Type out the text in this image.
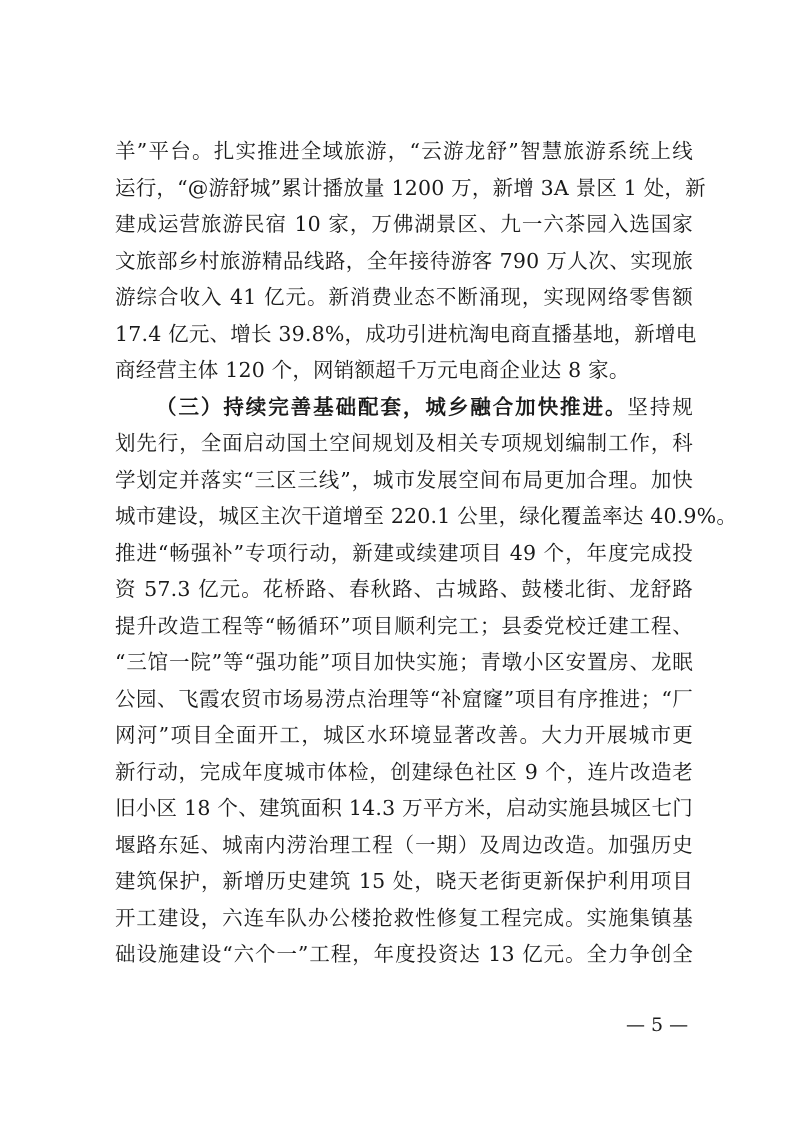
羊”平台。扎实推进全域旅游，“云游龙舒”智慧旅游系统上线
运行，“@游舒城”累计播放量 1200 万，新增 3A 景区 1 处，新
建成运营旅游民宿 10 家，万佛湖景区、九一六茶园入选国家
文旅部乡村旅游精品线路，全年接待游客 790 万人次、实现旅
游综合收入 41 亿元。新消费业态不断涌现，实现网络零售额
17.4 亿元、增长 39.8%，成功引进杭淘电商直播基地，新增电
商经营主体 120 个，网销额超千万元电商企业达 8 家。
（三）持续完善基础配套，城乡融合加快推进。坚持规
划先行，全面启动国土空间规划及相关专项规划编制工作，科
学划定并落实“三区三线”，城市发展空间布局更加合理。加快
城市建设，城区主次干道增至 220.1 公里，绿化覆盖率达 40.9%。
推进“畅强补”专项行动，新建或续建项目 49 个，年度完成投
资 57.3 亿元。花桥路、春秋路、古城路、鼓楼北街、龙舒路
提升改造工程等“畅循环”项目顺利完工；县委党校迁建工程、
“三馆一院”等“强功能”项目加快实施；青墩小区安置房、龙眠
公园、飞霞农贸市场易涝点治理等“补窟窿”项目有序推进；“厂
网河”项目全面开工，城区水环境显著改善。大力开展城市更
新行动，完成年度城市体检，创建绿色社区 9 个，连片改造老
旧小区 18 个、建筑面积 14.3 万平方米，启动实施县城区七门
堰路东延、城南内涝治理工程（一期）及周边改造。加强历史
建筑保护，新增历史建筑 15 处，晓天老街更新保护利用项目
开工建设，六连车队办公楼抢救性修复工程完成。实施集镇基
础设施建设“六个一”工程，年度投资达 13 亿元。全力争创全
— 5 —
